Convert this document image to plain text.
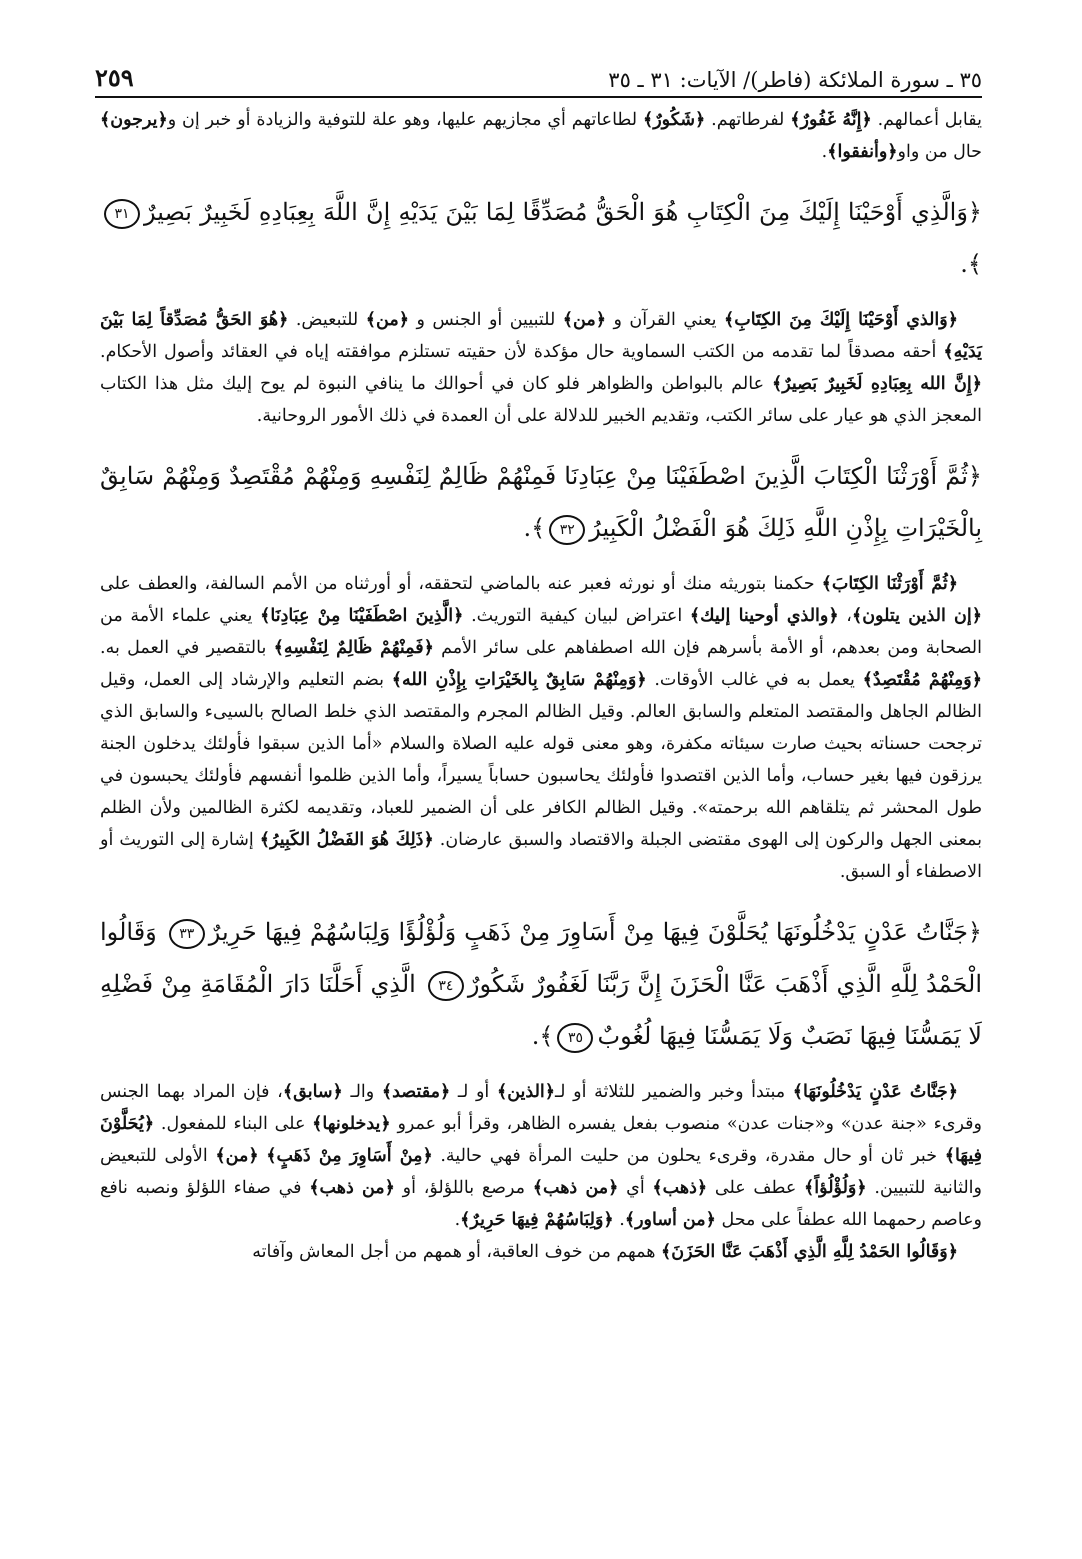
٣٥ ـ سورة الملائكة (فاطر)/ الآيات: ٣١ ـ ٣٥
٢٥٩

يقابل أعمالهم. ﴿إِنَّهُ غَفُورٌ﴾ لفرطاتهم. ﴿شَكُورٌ﴾ لطاعاتهم أي مجازيهم عليها، وهو علة للتوفية والزيادة أو خبر إن و﴿يرجون﴾ حال من واو﴿وأنفقوا﴾.

﴿وَالَّذِي أَوْحَيْنَا إِلَيْكَ مِنَ الْكِتَابِ هُوَ الْحَقُّ مُصَدِّقًا لِمَا بَيْنَ يَدَيْهِ إِنَّ اللَّهَ بِعِبَادِهِ لَخَبِيرٌ بَصِيرٌ٣١﴾.

﴿وَالذي أَوْحَيْنَا إِلَيْكَ مِنَ الكِتَابِ﴾ يعني القرآن و ﴿من﴾ للتبيين أو الجنس و ﴿من﴾ للتبعيض. ﴿هُوَ الحَقُّ مُصَدِّقاً لِمَا بَيْنَ يَدَيْهِ﴾ أحقه مصدقاً لما تقدمه من الكتب السماوية حال مؤكدة لأن حقيته تستلزم موافقته إياه في العقائد وأصول الأحكام. ﴿إِنَّ الله بِعِبَادِهِ لَخَبِيرٌ بَصِيرٌ﴾ عالم بالبواطن والظواهر فلو كان في أحوالك ما ينافي النبوة لم يوح إليك مثل هذا الكتاب المعجز الذي هو عيار على سائر الكتب، وتقديم الخبير للدلالة على أن العمدة في ذلك الأمور الروحانية.

﴿ثُمَّ أَوْرَثْنَا الْكِتَابَ الَّذِينَ اصْطَفَيْنَا مِنْ عِبَادِنَا فَمِنْهُمْ ظَالِمٌ لِنَفْسِهِ وَمِنْهُمْ مُقْتَصِدٌ وَمِنْهُمْ سَابِقٌ بِالْخَيْرَاتِ بِإِذْنِ اللَّهِ ذَلِكَ هُوَ الْفَضْلُ الْكَبِيرُ٣٢﴾.

﴿ثُمَّ أَوْرَثْنَا الكِتَابَ﴾ حكمنا بتوريثه منك أو نورثه فعبر عنه بالماضي لتحققه، أو أورثناه من الأمم السالفة، والعطف على ﴿إن الذين يتلون﴾، ﴿والذي أوحينا إليك﴾ اعتراض لبيان كيفية التوريث. ﴿الَّذِينَ اصْطَفَيْنَا مِنْ عِبَادِنَا﴾ يعني علماء الأمة من الصحابة ومن بعدهم، أو الأمة بأسرهم فإن الله اصطفاهم على سائر الأمم ﴿فَمِنْهُمْ ظَالِمٌ لِنَفْسِهِ﴾ بالتقصير في العمل به. ﴿وَمِنْهُمْ مُقْتَصِدٌ﴾ يعمل به في غالب الأوقات. ﴿وَمِنْهُمْ سَابِقٌ بِالخَيْرَاتِ بِإِذْنِ الله﴾ بضم التعليم والإرشاد إلى العمل، وقيل الظالم الجاهل والمقتصد المتعلم والسابق العالم. وقيل الظالم المجرم والمقتصد الذي خلط الصالح بالسيىء والسابق الذي ترجحت حسناته بحيث صارت سيئاته مكفرة، وهو معنى قوله عليه الصلاة والسلام «أما الذين سبقوا فأولئك يدخلون الجنة يرزقون فيها بغير حساب، وأما الذين اقتصدوا فأولئك يحاسبون حساباً يسيراً، وأما الذين ظلموا أنفسهم فأولئك يحبسون في طول المحشر ثم يتلقاهم الله برحمته». وقيل الظالم الكافر على أن الضمير للعباد، وتقديمه لكثرة الظالمين ولأن الظلم بمعنى الجهل والركون إلى الهوى مقتضى الجبلة والاقتصاد والسبق عارضان. ﴿ذَلِكَ هُوَ الفَضْلُ الكَبِيرُ﴾ إشارة إلى التوريث أو الاصطفاء أو السبق.

﴿جَنَّاتُ عَدْنٍ يَدْخُلُونَهَا يُحَلَّوْنَ فِيهَا مِنْ أَسَاوِرَ مِنْ ذَهَبٍ وَلُؤْلُؤًا وَلِبَاسُهُمْ فِيهَا حَرِيرٌ٣٣ وَقَالُوا الْحَمْدُ لِلَّهِ الَّذِي أَذْهَبَ عَنَّا الْحَزَنَ إِنَّ رَبَّنَا لَغَفُورٌ شَكُورٌ٣٤ الَّذِي أَحَلَّنَا دَارَ الْمُقَامَةِ مِنْ فَضْلِهِ لَا يَمَسُّنَا فِيهَا نَصَبٌ وَلَا يَمَسُّنَا فِيهَا لُغُوبٌ٣٥﴾.

﴿جَنَّاتُ عَدْنٍ يَدْخُلُونَهَا﴾ مبتدأ وخبر والضمير للثلاثة أو لـ﴿الذين﴾ أو لـ ﴿مقتصد﴾ والـ ﴿سابق﴾، فإن المراد بهما الجنس وقرىء «جنة عدن» و«جنات عدن» منصوب بفعل يفسره الظاهر، وقرأ أبو عمرو ﴿يدخلونها﴾ على البناء للمفعول. ﴿يُحَلَّوْنَ فِيهَا﴾ خبر ثان أو حال مقدرة، وقرىء يحلون من حليت المرأة فهي حالية. ﴿مِنْ أَسَاوِرَ مِنْ ذَهَبٍ﴾ ﴿من﴾ الأولى للتبعيض والثانية للتبيين. ﴿وَلُؤْلُؤاً﴾ عطف على ﴿ذهب﴾ أي ﴿من ذهب﴾ مرصع باللؤلؤ، أو ﴿من ذهب﴾ في صفاء اللؤلؤ ونصبه نافع وعاصم رحمهما الله عطفاً على محل ﴿من أساور﴾. ﴿وَلِبَاسُهُمْ فِيهَا حَرِيرٌ﴾.

﴿وَقَالُوا الحَمْدُ لِلَّهِ الَّذِي أَذْهَبَ عَنَّا الحَزَنَ﴾ همهم من خوف العاقبة، أو همهم من أجل المعاش وآفاته
